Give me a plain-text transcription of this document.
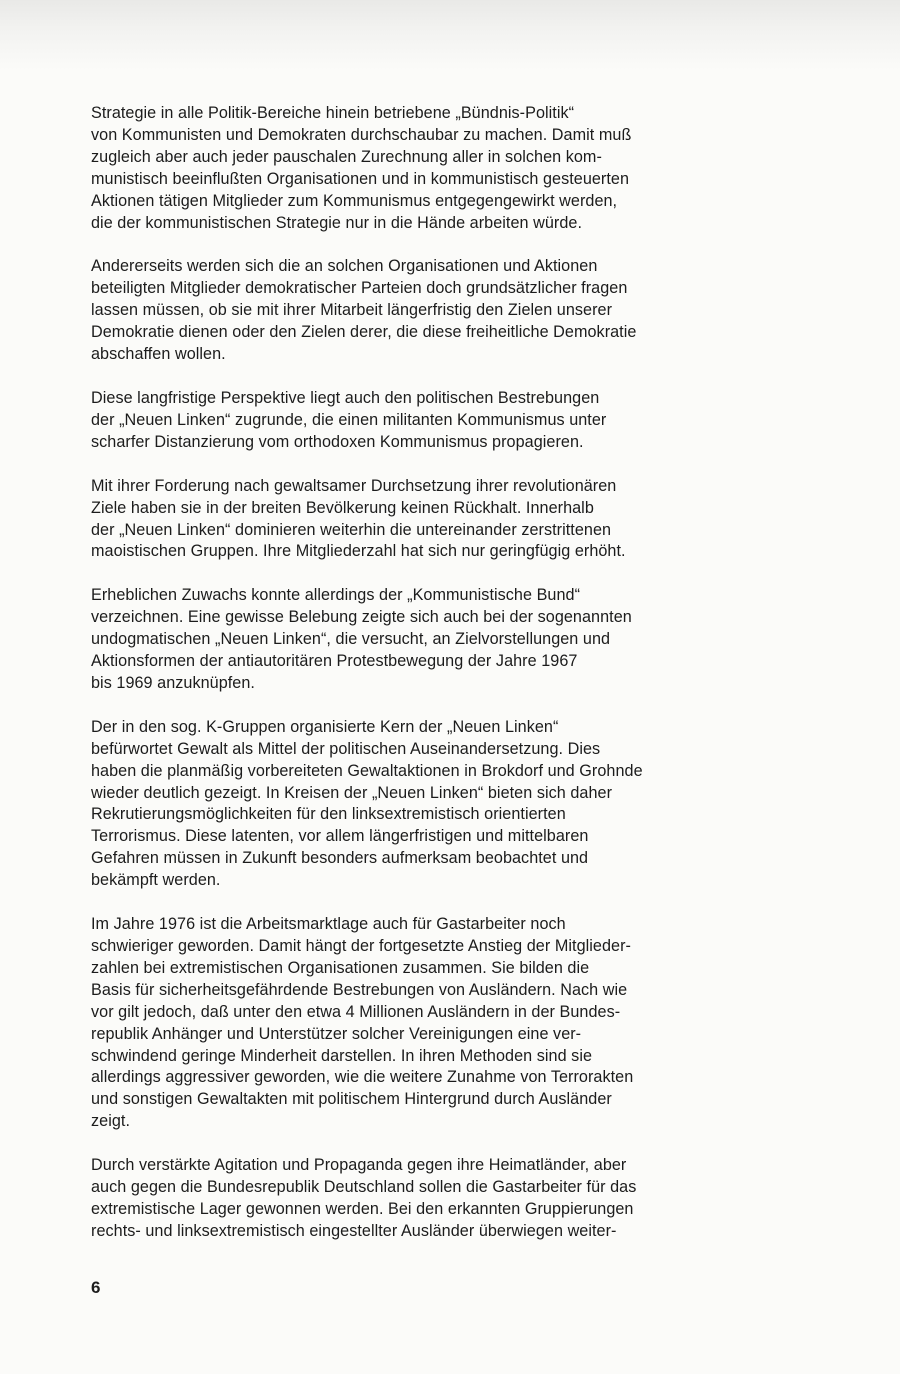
Strategie in alle Politik-Bereiche hinein betriebene „Bündnis-Politik“
von Kommunisten und Demokraten durchschaubar zu machen. Damit muß
zugleich aber auch jeder pauschalen Zurechnung aller in solchen kom-
munistisch beeinflußten Organisationen und in kommunistisch gesteuerten
Aktionen tätigen Mitglieder zum Kommunismus entgegengewirkt werden,
die der kommunistischen Strategie nur in die Hände arbeiten würde.
Andererseits werden sich die an solchen Organisationen und Aktionen
beteiligten Mitglieder demokratischer Parteien doch grundsätzlicher fragen
lassen müssen, ob sie mit ihrer Mitarbeit längerfristig den Zielen unserer
Demokratie dienen oder den Zielen derer, die diese freiheitliche Demokratie
abschaffen wollen.
Diese langfristige Perspektive liegt auch den politischen Bestrebungen
der „Neuen Linken“ zugrunde, die einen militanten Kommunismus unter
scharfer Distanzierung vom orthodoxen Kommunismus propagieren.
Mit ihrer Forderung nach gewaltsamer Durchsetzung ihrer revolutionären
Ziele haben sie in der breiten Bevölkerung keinen Rückhalt. Innerhalb
der „Neuen Linken“ dominieren weiterhin die untereinander zerstrittenen
maoistischen Gruppen. Ihre Mitgliederzahl hat sich nur geringfügig erhöht.
Erheblichen Zuwachs konnte allerdings der „Kommunistische Bund“
verzeichnen. Eine gewisse Belebung zeigte sich auch bei der sogenannten
undogmatischen „Neuen Linken“, die versucht, an Zielvorstellungen und
Aktionsformen der antiautoritären Protestbewegung der Jahre 1967
bis 1969 anzuknüpfen.
Der in den sog. K-Gruppen organisierte Kern der „Neuen Linken“
befürwortet Gewalt als Mittel der politischen Auseinandersetzung. Dies
haben die planmäßig vorbereiteten Gewaltaktionen in Brokdorf und Grohnde
wieder deutlich gezeigt. In Kreisen der „Neuen Linken“ bieten sich daher
Rekrutierungsmöglichkeiten für den linksextremistisch orientierten
Terrorismus. Diese latenten, vor allem längerfristigen und mittelbaren
Gefahren müssen in Zukunft besonders aufmerksam beobachtet und
bekämpft werden.
Im Jahre 1976 ist die Arbeitsmarktlage auch für Gastarbeiter noch
schwieriger geworden. Damit hängt der fortgesetzte Anstieg der Mitglieder-
zahlen bei extremistischen Organisationen zusammen. Sie bilden die
Basis für sicherheitsgefährdende Bestrebungen von Ausländern. Nach wie
vor gilt jedoch, daß unter den etwa 4 Millionen Ausländern in der Bundes-
republik Anhänger und Unterstützer solcher Vereinigungen eine ver-
schwindend geringe Minderheit darstellen. In ihren Methoden sind sie
allerdings aggressiver geworden, wie die weitere Zunahme von Terrorakten
und sonstigen Gewaltakten mit politischem Hintergrund durch Ausländer
zeigt.
Durch verstärkte Agitation und Propaganda gegen ihre Heimatländer, aber
auch gegen die Bundesrepublik Deutschland sollen die Gastarbeiter für das
extremistische Lager gewonnen werden. Bei den erkannten Gruppierungen
rechts- und linksextremistisch eingestellter Ausländer überwiegen weiter-
6
